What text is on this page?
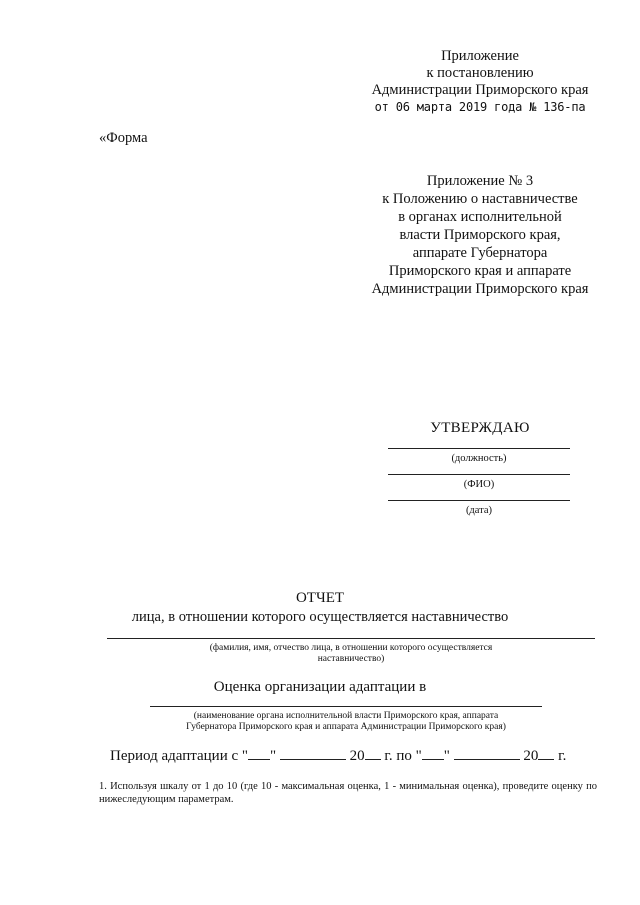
Приложение
к постановлению
Администрации Приморского края
от 06 марта 2019 года № 136-па
«Форма
Приложение № 3
к Положению о наставничестве
в органах исполнительной
власти Приморского края,
аппарате Губернатора
Приморского края и аппарате
Администрации Приморского края
УТВЕРЖДАЮ
(должность)
(ФИО)
(дата)
ОТЧЕТ
лица, в отношении которого осуществляется наставничество
(фамилия, имя, отчество лица, в отношении которого осуществляется
наставничество)
Оценка организации адаптации в
(наименование органа исполнительной власти Приморского края, аппарата
Губернатора Приморского края и аппарата Администрации Приморского края)
Период адаптации с " "	20 г. по " "	20 г.
1. Используя шкалу от 1 до 10 (где 10 - максимальная оценка, 1 - минимальная оценка), проведите оценку по нижеследующим параметрам.
